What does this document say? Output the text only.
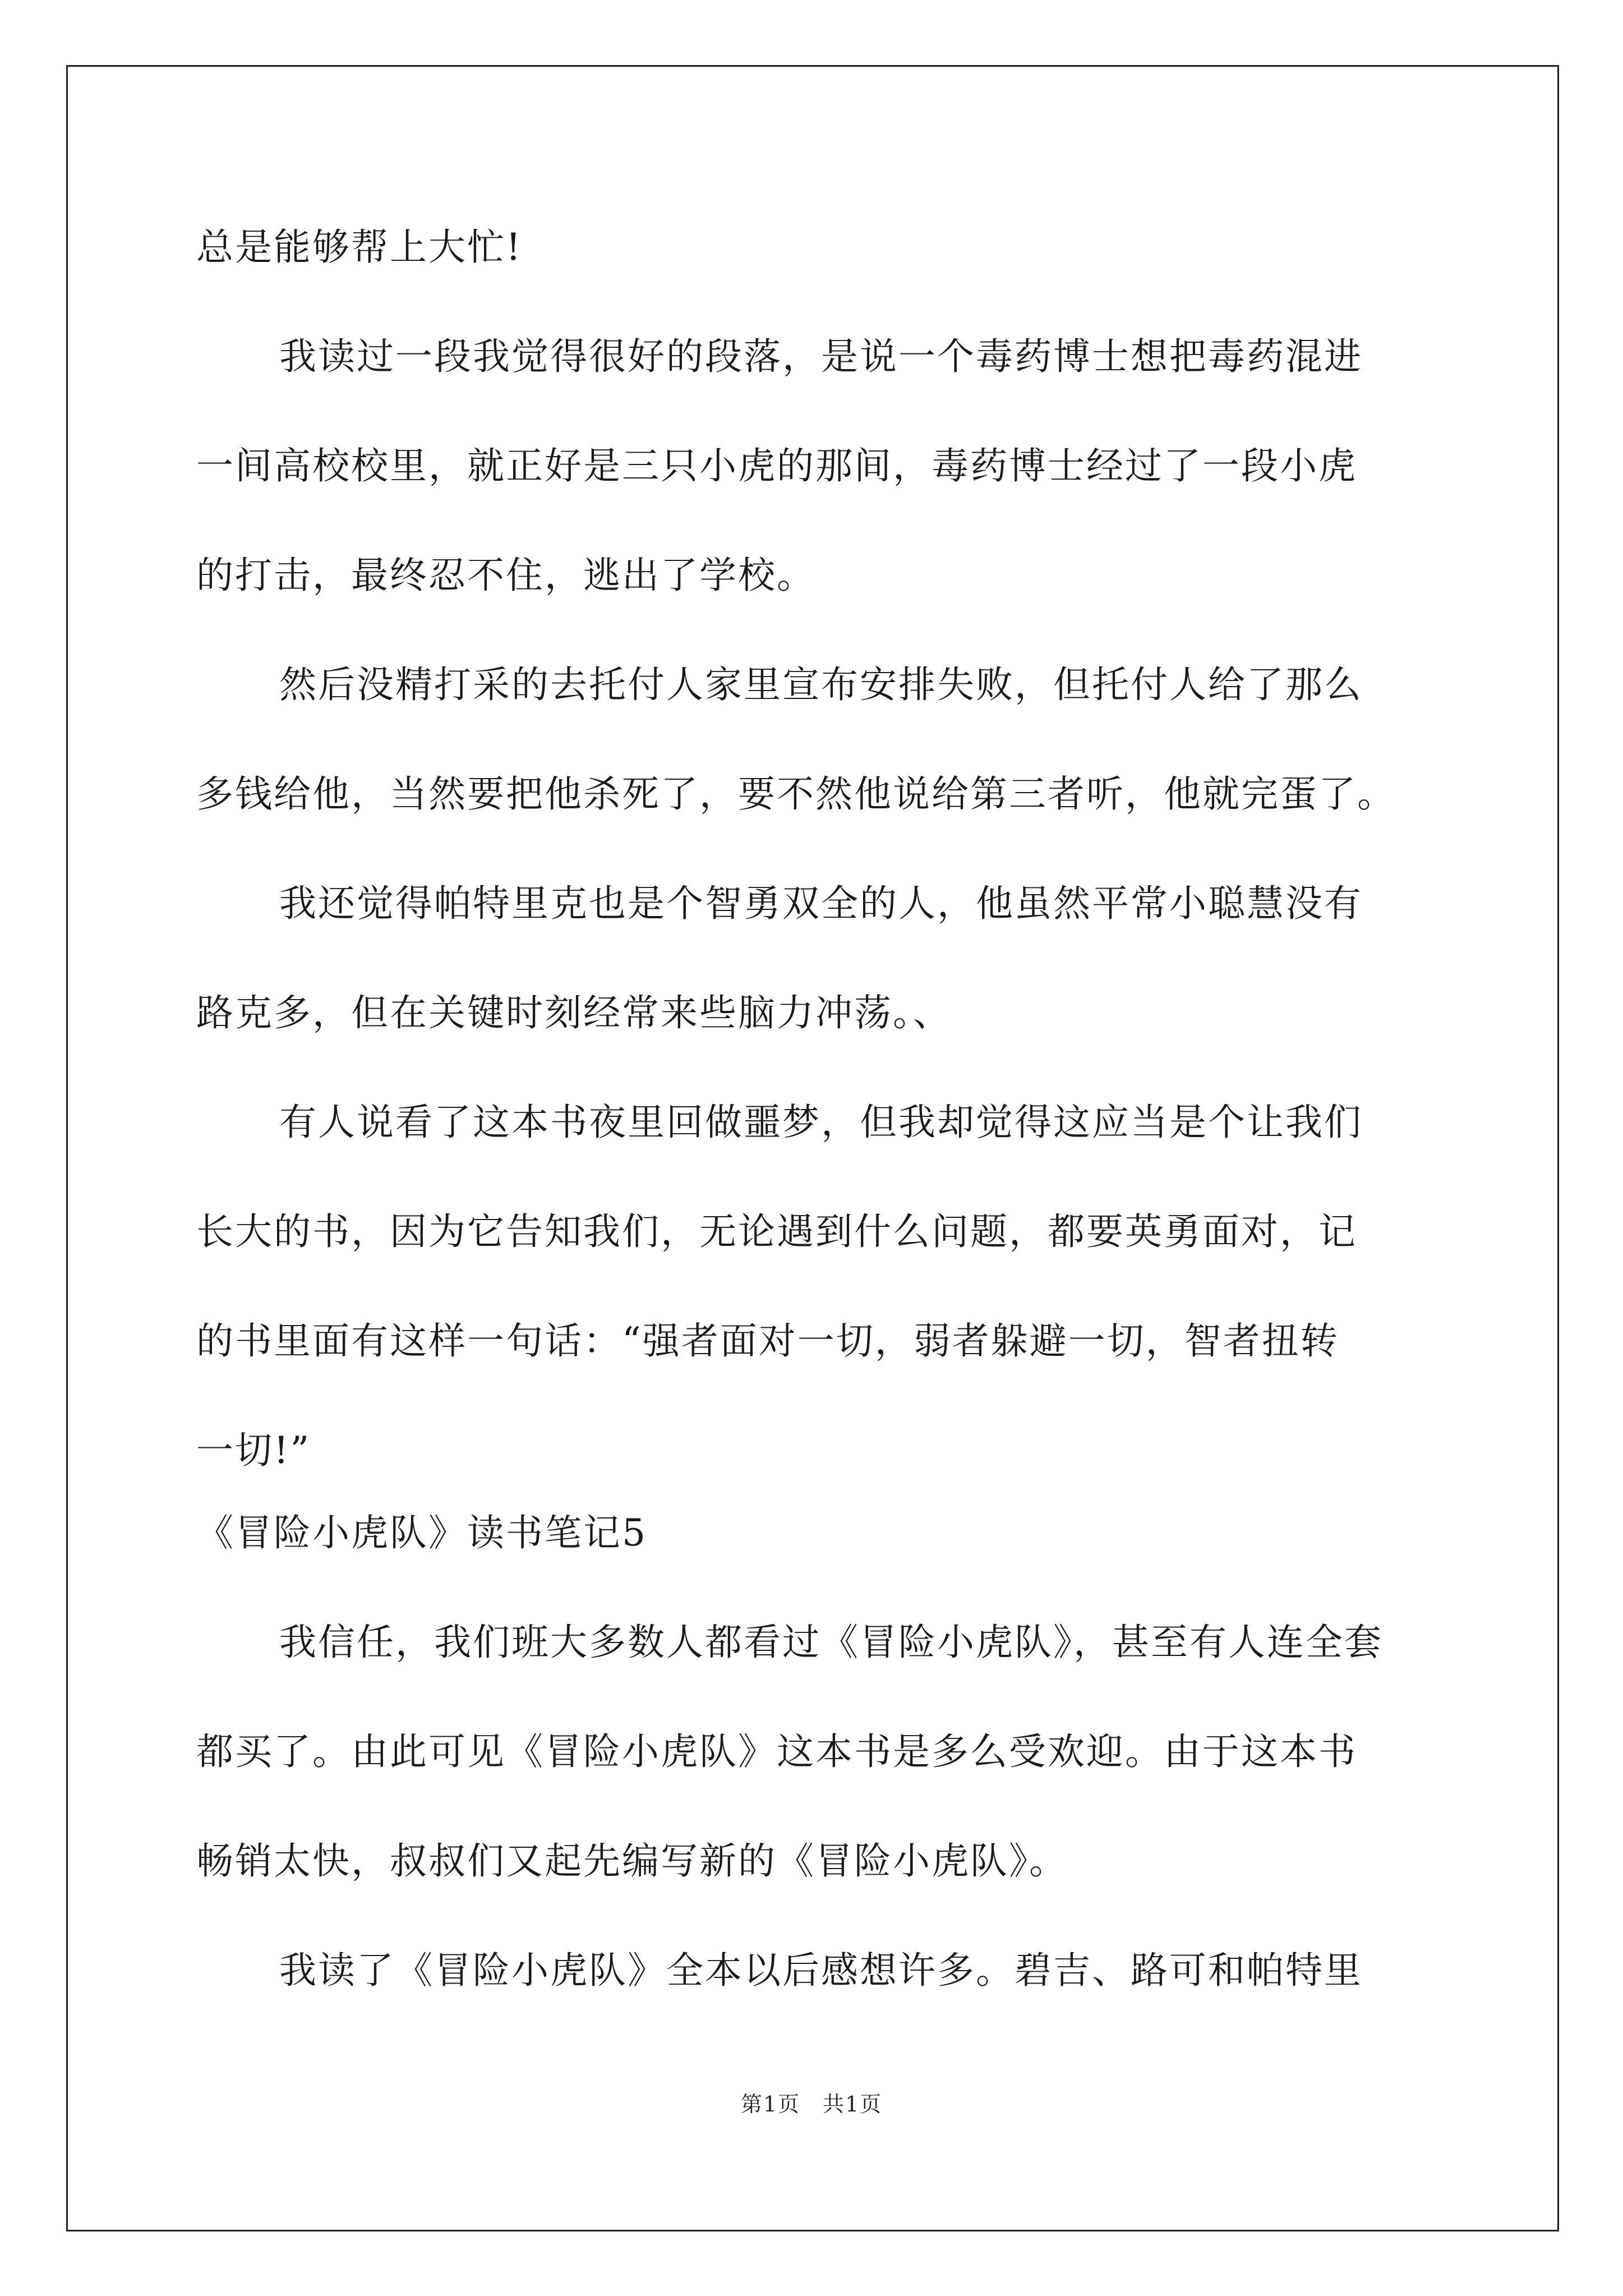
总是能够帮上大忙!
我读过一段我觉得很好的段落，是说一个毒药博士想把毒药混进
一间高校校里，就正好是三只小虎的那间，毒药博士经过了一段小虎
的打击，最终忍不住，逃出了学校。
然后没精打采的去托付人家里宣布安排失败，但托付人给了那么
多钱给他，当然要把他杀死了，要不然他说给第三者听，他就完蛋了。
我还觉得帕特里克也是个智勇双全的人，他虽然平常小聪慧没有
路克多，但在关键时刻经常来些脑力冲荡。、
有人说看了这本书夜里回做噩梦，但我却觉得这应当是个让我们
长大的书，因为它告知我们，无论遇到什么问题，都要英勇面对，记
的书里面有这样一句话：“强者面对一切，弱者躲避一切，智者扭转
一切!”
《冒险小虎队》读书笔记5
我信任，我们班大多数人都看过《冒险小虎队》，甚至有人连全套
都买了。由此可见《冒险小虎队》这本书是多么受欢迎。由于这本书
畅销太快，叔叔们又起先编写新的《冒险小虎队》。
我读了《冒险小虎队》全本以后感想许多。碧吉、路可和帕特里
第1页　共1页
